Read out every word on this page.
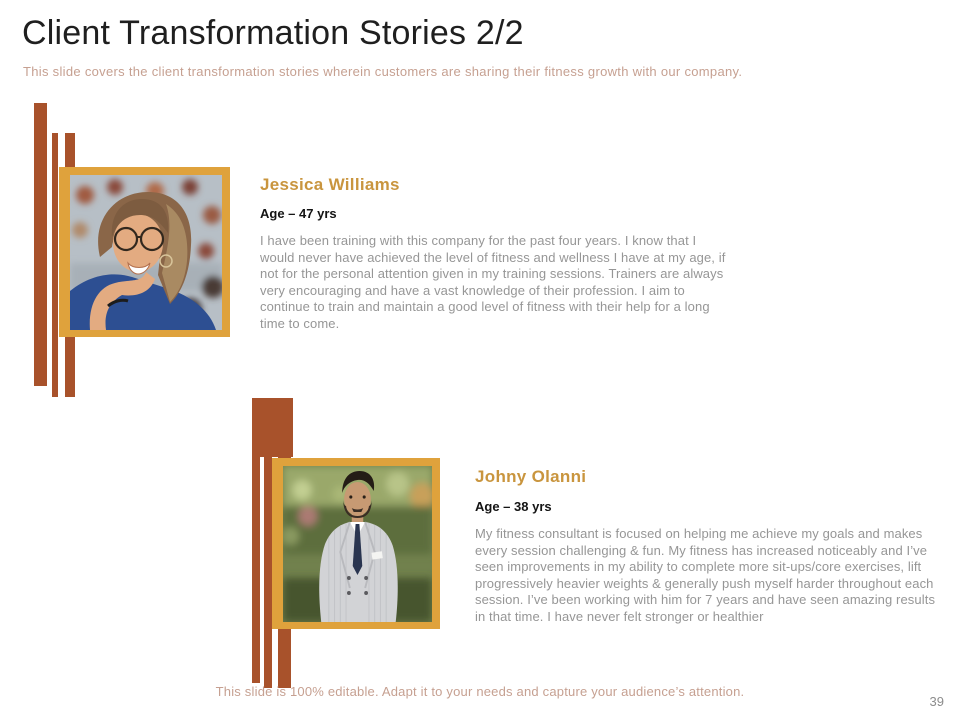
Client Transformation Stories 2/2

This slide covers the client transformation stories wherein customers are sharing their fitness growth with our company.

Jessica Williams
Age – 47 yrs

I have been training with this company for the past four years. I know that I would never have achieved the level of fitness and wellness I have at my age, if not for the personal attention given in my training sessions. Trainers are always very encouraging and have a vast knowledge of their profession. I aim to continue to train and maintain a good level of fitness with their help for a long time to come.

Johny Olanni
Age – 38 yrs

My fitness consultant is focused on helping me achieve my goals and makes every session challenging & fun. My fitness has increased noticeably and I’ve seen improvements in my ability to complete more sit-ups/core exercises, lift progressively heavier weights & generally push myself harder throughout each session. I’ve been working with him for 7 years and have seen amazing results in that time. I have never felt stronger or healthier

This slide is 100% editable. Adapt it to your needs and capture your audience’s attention.
39
